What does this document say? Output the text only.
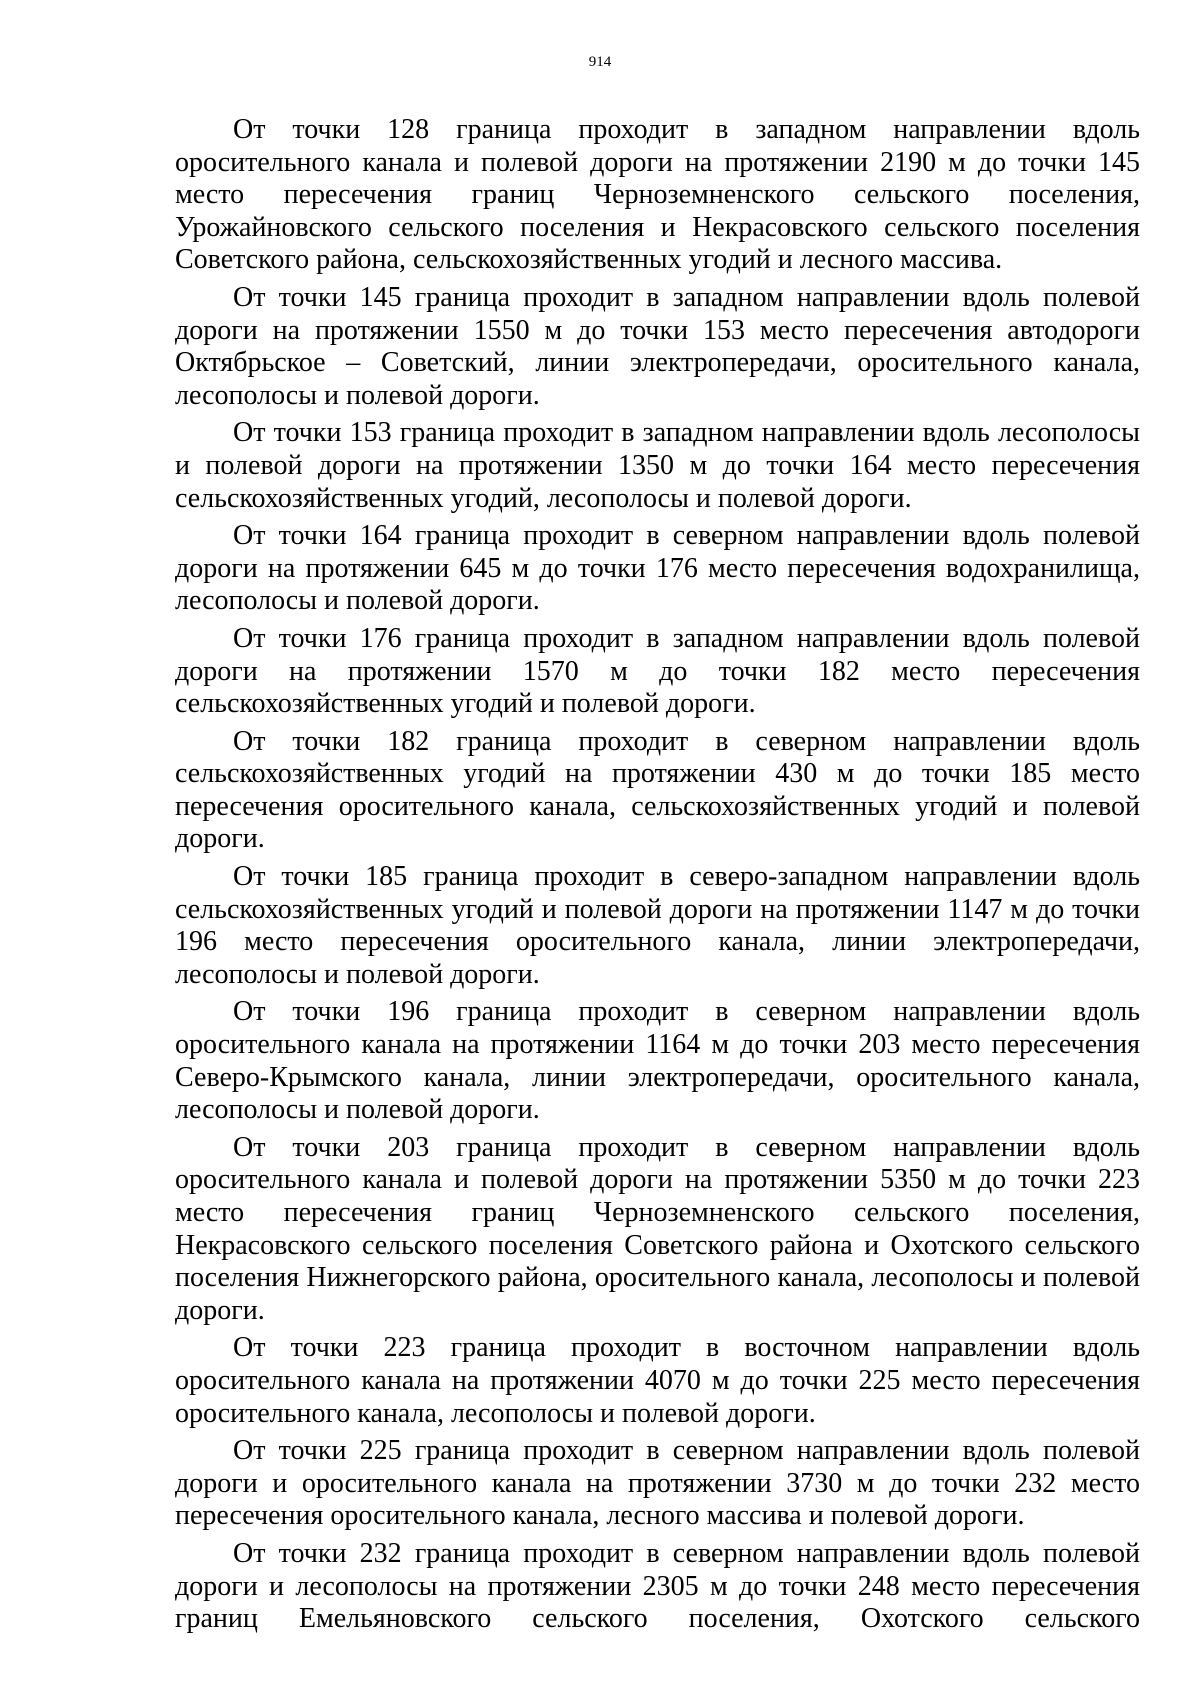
914

От точки 128 граница проходит в западном направлении вдоль оросительного канала и полевой дороги на протяжении 2190 м до точки 145 место пересечения границ Черноземненского сельского поселения, Урожайновского сельского поселения и Некрасовского сельского поселения Советского района, сельскохозяйственных угодий и лесного массива.

От точки 145 граница проходит в западном направлении вдоль полевой дороги на протяжении 1550 м до точки 153 место пересечения автодороги Октябрьское – Советский, линии электропередачи, оросительного канала, лесополосы и полевой дороги.

От точки 153 граница проходит в западном направлении вдоль лесополосы и полевой дороги на протяжении 1350 м до точки 164 место пересечения сельскохозяйственных угодий, лесополосы и полевой дороги.

От точки 164 граница проходит в северном направлении вдоль полевой дороги на протяжении 645 м до точки 176 место пересечения водохранилища, лесополосы и полевой дороги.

От точки 176 граница проходит в западном направлении вдоль полевой дороги на протяжении 1570 м до точки 182 место пересечения сельскохозяйственных угодий и полевой дороги.

От точки 182 граница проходит в северном направлении вдоль сельскохозяйственных угодий на протяжении 430 м до точки 185 место пересечения оросительного канала, сельскохозяйственных угодий и полевой дороги.

От точки 185 граница проходит в северо-западном направлении вдоль сельскохозяйственных угодий и полевой дороги на протяжении 1147 м до точки 196 место пересечения оросительного канала, линии электропередачи, лесополосы и полевой дороги.

От точки 196 граница проходит в северном направлении вдоль оросительного канала на протяжении 1164 м до точки 203 место пересечения Северо-Крымского канала, линии электропередачи, оросительного канала, лесополосы и полевой дороги.

От точки 203 граница проходит в северном направлении вдоль оросительного канала и полевой дороги на протяжении 5350 м до точки 223 место пересечения границ Черноземненского сельского поселения, Некрасовского сельского поселения Советского района и Охотского сельского поселения Нижнегорского района, оросительного канала, лесополосы и полевой дороги.

От точки 223 граница проходит в восточном направлении вдоль оросительного канала на протяжении 4070 м до точки 225 место пересечения оросительного канала, лесополосы и полевой дороги.

От точки 225 граница проходит в северном направлении вдоль полевой дороги и оросительного канала на протяжении 3730 м до точки 232 место пересечения оросительного канала, лесного массива и полевой дороги.

От точки 232 граница проходит в северном направлении вдоль полевой дороги и лесополосы на протяжении 2305 м до точки 248 место пересечения границ Емельяновского сельского поселения, Охотского сельского
